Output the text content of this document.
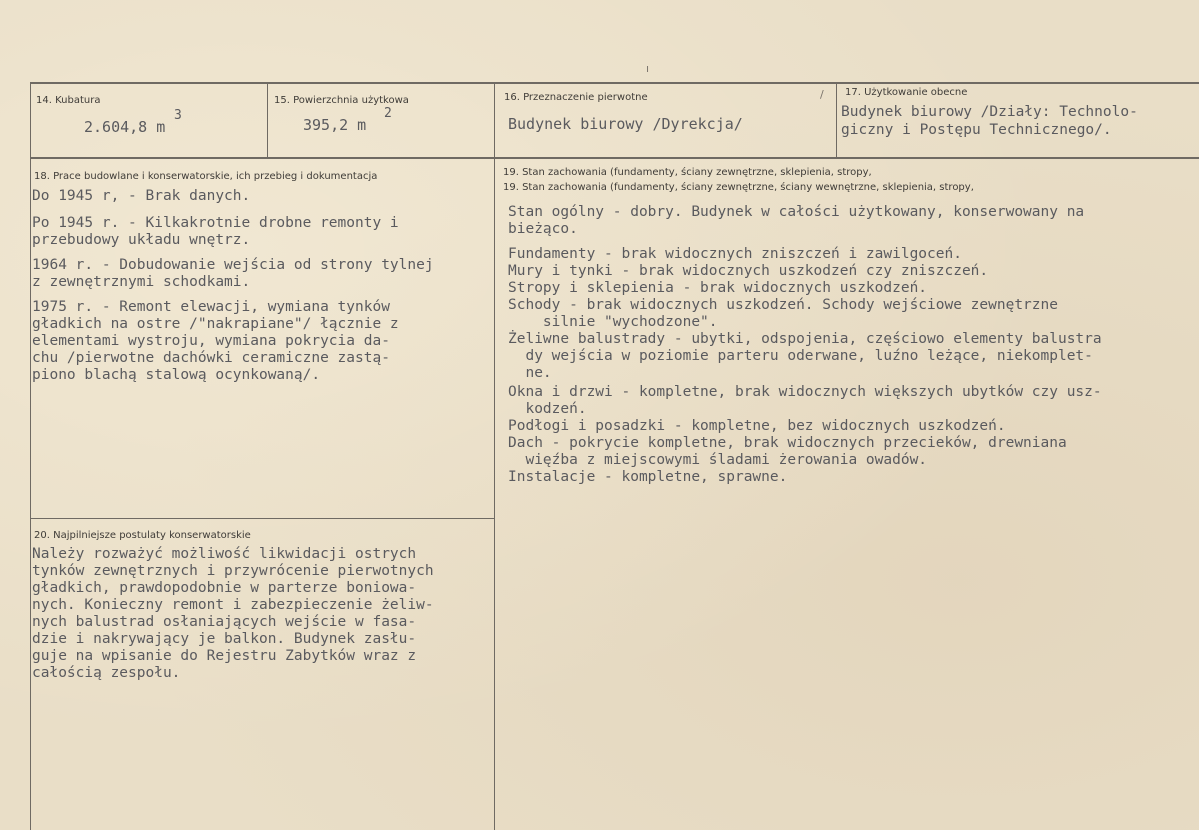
ı
/
14. Kubatura
2.604,8 m
3
15. Powierzchnia użytkowa
395,2 m
2
16. Przeznaczenie pierwotne
Budynek biurowy /Dyrekcja/
17. Użytkowanie obecne
Budynek biurowy /Działy: Technolo-
giczny i Postępu Technicznego/.
18. Prace budowlane i konserwatorskie, ich przebieg i dokumentacja
Do 1945 r, - Brak danych.
Po 1945 r. - Kilkakrotnie drobne remonty i
przebudowy układu wnętrz.
1964 r. - Dobudowanie wejścia od strony tylnej
z zewnętrznymi schodkami.
1975 r. - Remont elewacji, wymiana tynków
gładkich na ostre /"nakrapiane"/ łącznie z
elementami wystroju, wymiana pokrycia da-
chu /pierwotne dachówki ceramiczne zastą-
piono blachą stalową ocynkowaną/.
19. Stan zachowania (fundamenty, ściany zewnętrzne, sklepienia, stropy,
19. Stan zachowania (fundamenty, ściany zewnętrzne, ściany wewnętrzne, sklepienia, stropy,
Stan ogólny - dobry. Budynek w całości użytkowany, konserwowany na
bieżąco.
Fundamenty - brak widocznych zniszczeń i zawilgoceń.
Mury i tynki - brak widocznych uszkodzeń czy zniszczeń.
Stropy i sklepienia - brak widocznych uszkodzeń.
Schody - brak widocznych uszkodzeń. Schody wejściowe zewnętrzne
silnie "wychodzone".
Żeliwne balustrady - ubytki, odspojenia, częściowo elementy balustra
dy wejścia w poziomie parteru oderwane, luźno leżące, niekomplet-
ne.
Okna i drzwi - kompletne, brak widocznych większych ubytków czy usz-
kodzeń.
Podłogi i posadzki - kompletne, bez widocznych uszkodzeń.
Dach - pokrycie kompletne, brak widocznych przecieków, drewniana
więźba z miejscowymi śladami żerowania owadów.
Instalacje - kompletne, sprawne.
20. Najpilniejsze postulaty konserwatorskie
Należy rozważyć możliwość likwidacji ostrych
tynków zewnętrznych i przywrócenie pierwotnych
gładkich, prawdopodobnie w parterze boniowa-
nych. Konieczny remont i zabezpieczenie żeliw-
nych balustrad osłaniających wejście w fasa-
dzie i nakrywający je balkon. Budynek zasłu-
guje na wpisanie do Rejestru Zabytków wraz z
całością zespołu.
